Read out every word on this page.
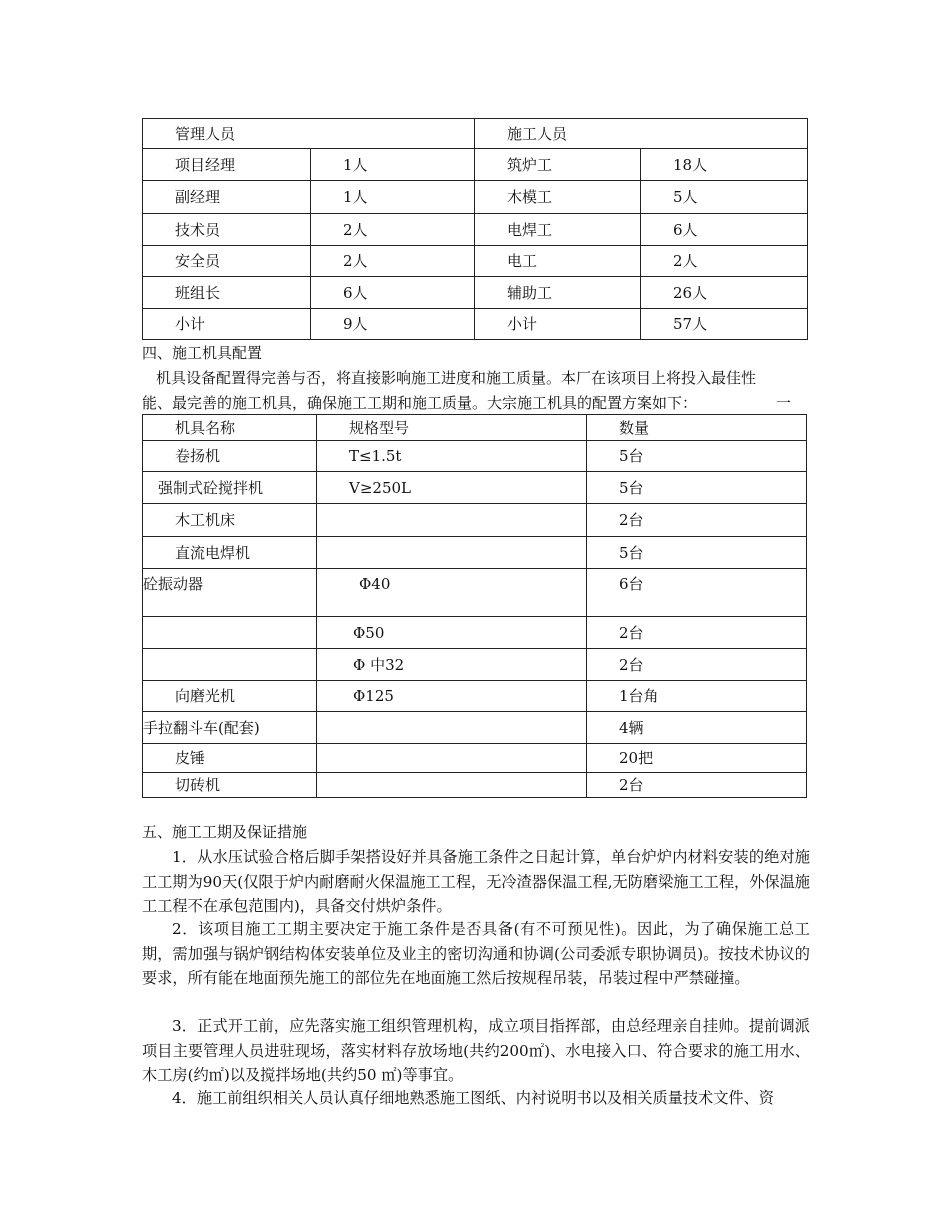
管理人员		施工人员	
项目经理	1人	筑炉工	18人
副经理	1人	木模工	5人
技术员	2人	电焊工	6人
安全员	2人	电工	2人
班组长	6人	辅助工	26人
小计	9人	小计	57人
四、施工机具配置
机具设备配置得完善与否，将直接影响施工进度和施工质量。本厂在该项目上将投入最佳性
能、最完善的施工机具，确保施工工期和施工质量。大宗施工机具的配置方案如下：	一
机具名称	规格型号	数量
卷扬机	T≤1.5t	5台
强制式砼搅拌机	V≥250L	5台
木工机床		2台
直流电焊机		5台
砼振动器	Φ40	6台
	Φ50	2台
	Φ 中32	2台
向磨光机	Φ125	1台角
手拉翻斗车(配套)		4辆
皮锤		20把
切砖机		2台
五、施工工期及保证措施

1．从水压试验合格后脚手架搭设好并具备施工条件之日起计算，单台炉炉内材料安装的绝对施工工期为90天(仅限于炉内耐磨耐火保温施工工程，无冷渣器保温工程,无防磨梁施工工程，外保温施工工程不在承包范围内)，具备交付烘炉条件。

2．该项目施工工期主要决定于施工条件是否具备(有不可预见性)。因此，为了确保施工总工期，需加强与锅炉钢结构体安装单位及业主的密切沟通和协调(公司委派专职协调员)。按技术协议的要求，所有能在地面预先施工的部位先在地面施工然后按规程吊装，吊装过程中严禁碰撞。

3．正式开工前，应先落实施工组织管理机构，成立项目指挥部，由总经理亲自挂帅。提前调派项目主要管理人员进驻现场，落实材料存放场地(共约200㎡)、水电接入口、符合要求的施工用水、木工房(约㎡)以及搅拌场地(共约50 ㎡)等事宜。

4．施工前组织相关人员认真仔细地熟悉施工图纸、内衬说明书以及相关质量技术文件、资
